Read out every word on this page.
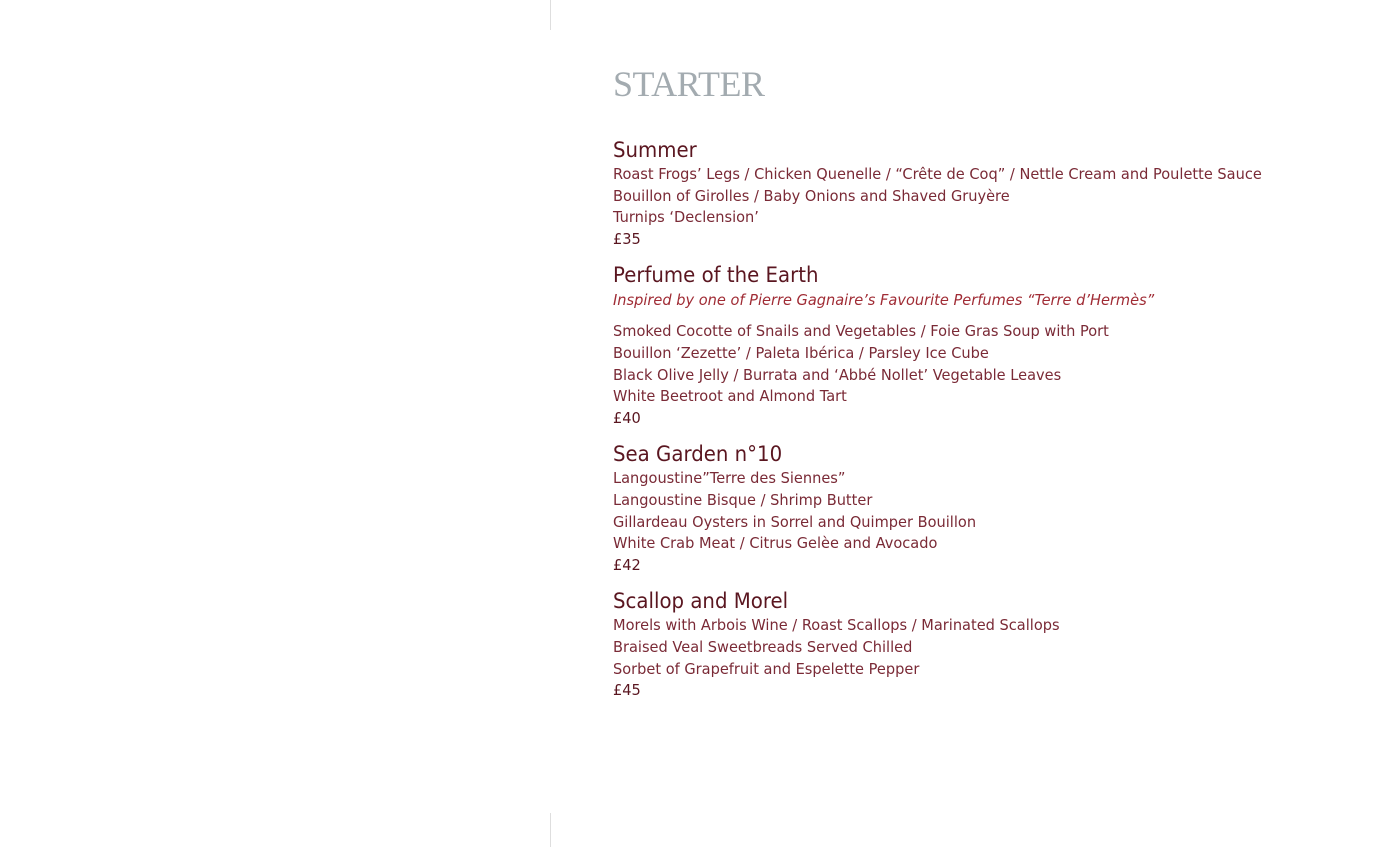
STARTER
Summer
Roast Frogs’ Legs / Chicken Quenelle / “Crête de Coq” / Nettle Cream and Poulette Sauce
Bouillon of Girolles / Baby Onions and Shaved Gruyère
Turnips ‘Declension’
£35
Perfume of the Earth
Inspired by one of Pierre Gagnaire’s Favourite Perfumes “Terre d’Hermès”
Smoked Cocotte of Snails and Vegetables / Foie Gras Soup with Port
Bouillon ‘Zezette’ / Paleta Ibérica / Parsley Ice Cube
Black Olive Jelly / Burrata and ‘Abbé Nollet’ Vegetable Leaves
White Beetroot and Almond Tart
£40
Sea Garden n°10
Langoustine”Terre des Siennes”
Langoustine Bisque / Shrimp Butter
Gillardeau Oysters in Sorrel and Quimper Bouillon
White Crab Meat / Citrus Gelèe and Avocado
£42
Scallop and Morel
Morels with Arbois Wine / Roast Scallops / Marinated Scallops
Braised Veal Sweetbreads Served Chilled
Sorbet of Grapefruit and Espelette Pepper
£45
